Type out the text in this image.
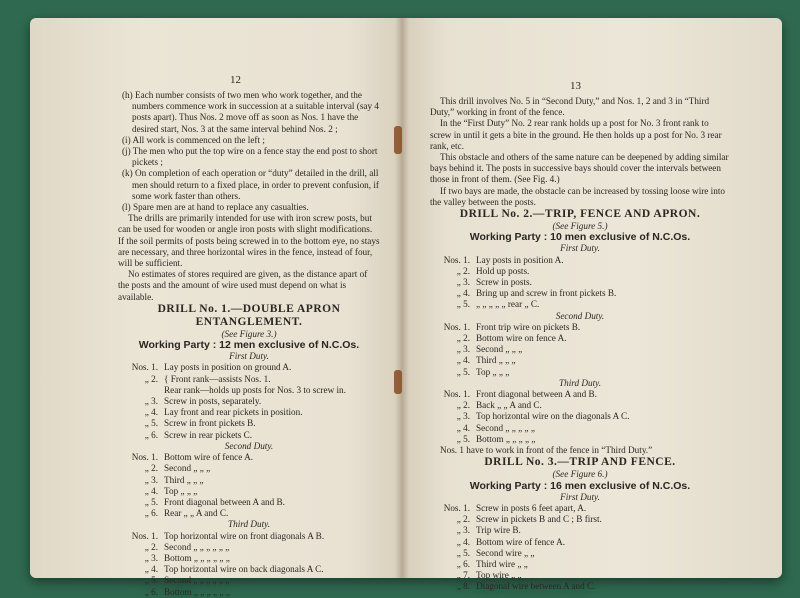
12

(h) Each number consists of two men who work together, and the numbers commence work in succession at a suitable interval (say 4 posts apart). Thus Nos. 2 move off as soon as Nos. 1 have the desired start, Nos. 3 at the same interval behind Nos. 2 ;

(i) All work is commenced on the left ;

(j) The men who put the top wire on a fence stay the end post to short pickets ;

(k) On completion of each operation or “duty” detailed in the drill, all men should return to a fixed place, in order to prevent confusion, if some work faster than others.

(l) Spare men are at hand to replace any casualties.

The drills are primarily intended for use with iron screw posts, but can be used for wooden or angle iron posts with slight modifications. If the soil permits of posts being screwed in to the bottom eye, no stays are necessary, and three horizontal wires in the fence, instead of four, will be sufficient.

No estimates of stores required are given, as the distance apart of the posts and the amount of wire used must depend on what is available.

DRILL No. 1.—DOUBLE APRON

ENTANGLEMENT.

(See Figure 3.)

Working Party : 12 men exclusive of N.C.Os.

First Duty.

Nos. 1. Lay posts in position on ground A.
„ 2. { Front rank—assists Nos. 1.
Rear rank—holds up posts for Nos. 3 to screw in.
„ 3. Screw in posts, separately.
„ 4. Lay front and rear pickets in position.
„ 5. Screw in front pickets B.
„ 6. Screw in rear pickets C.

Second Duty.

Nos. 1. Bottom wire of fence A.
„ 2. Second „ „ „
„ 3. Third „ „ „
„ 4. Top „ „ „
„ 5. Front diagonal between A and B.
„ 6. Rear „ „ A and C.

Third Duty.

Nos. 1. Top horizontal wire on front diagonals A B.
„ 2. Second „ „ „ „ „ „
„ 3. Bottom „ „ „ „ „ „
„ 4. Top horizontal wire on back diagonals A C.
„ 5. Second „ „ „ „ „ „
„ 6. Bottom „ „ „ „ „ „
13

This drill involves No. 5 in “Second Duty,” and Nos. 1, 2 and 3 in “Third Duty,” working in front of the fence.

In the “First Duty” No. 2 rear rank holds up a post for No. 3 front rank to screw in until it gets a bite in the ground. He then holds up a post for No. 3 rear rank, etc.

This obstacle and others of the same nature can be deepened by adding similar bays behind it. The posts in successive bays should cover the intervals between those in front of them. (See Fig. 4.)

If two bays are made, the obstacle can be increased by tossing loose wire into the valley between the posts.

DRILL No. 2.—TRIP, FENCE AND APRON.

(See Figure 5.)

Working Party : 10 men exclusive of N.C.Os.

First Duty.

Nos. 1. Lay posts in position A.
„ 2. Hold up posts.
„ 3. Screw in posts.
„ 4. Bring up and screw in front pickets B.
„ 5. „ „ „ „ „ rear „ C.

Second Duty.

Nos. 1. Front trip wire on pickets B.
„ 2. Bottom wire on fence A.
„ 3. Second „ „ „
„ 4. Third „ „ „
„ 5. Top „ „ „

Third Duty.

Nos. 1. Front diagonal between A and B.
„ 2. Back „ „ A and C.
„ 3. Top horizontal wire on the diagonals A C.
„ 4. Second „ „ „ „ „
„ 5. Bottom „ „ „ „ „
Nos. 1 have to work in front of the fence in “Third Duty.”

DRILL No. 3.—TRIP AND FENCE.

(See Figure 6.)

Working Party : 16 men exclusive of N.C.Os.

First Duty.

Nos. 1. Screw in posts 6 feet apart, A.
„ 2. Screw in pickets B and C ; B first.
„ 3. Trip wire B.
„ 4. Bottom wire of fence A.
„ 5. Second wire „ „
„ 6. Third wire „ „
„ 7. Top wire „ „
„ 8. Diagonal wire between A and C.
